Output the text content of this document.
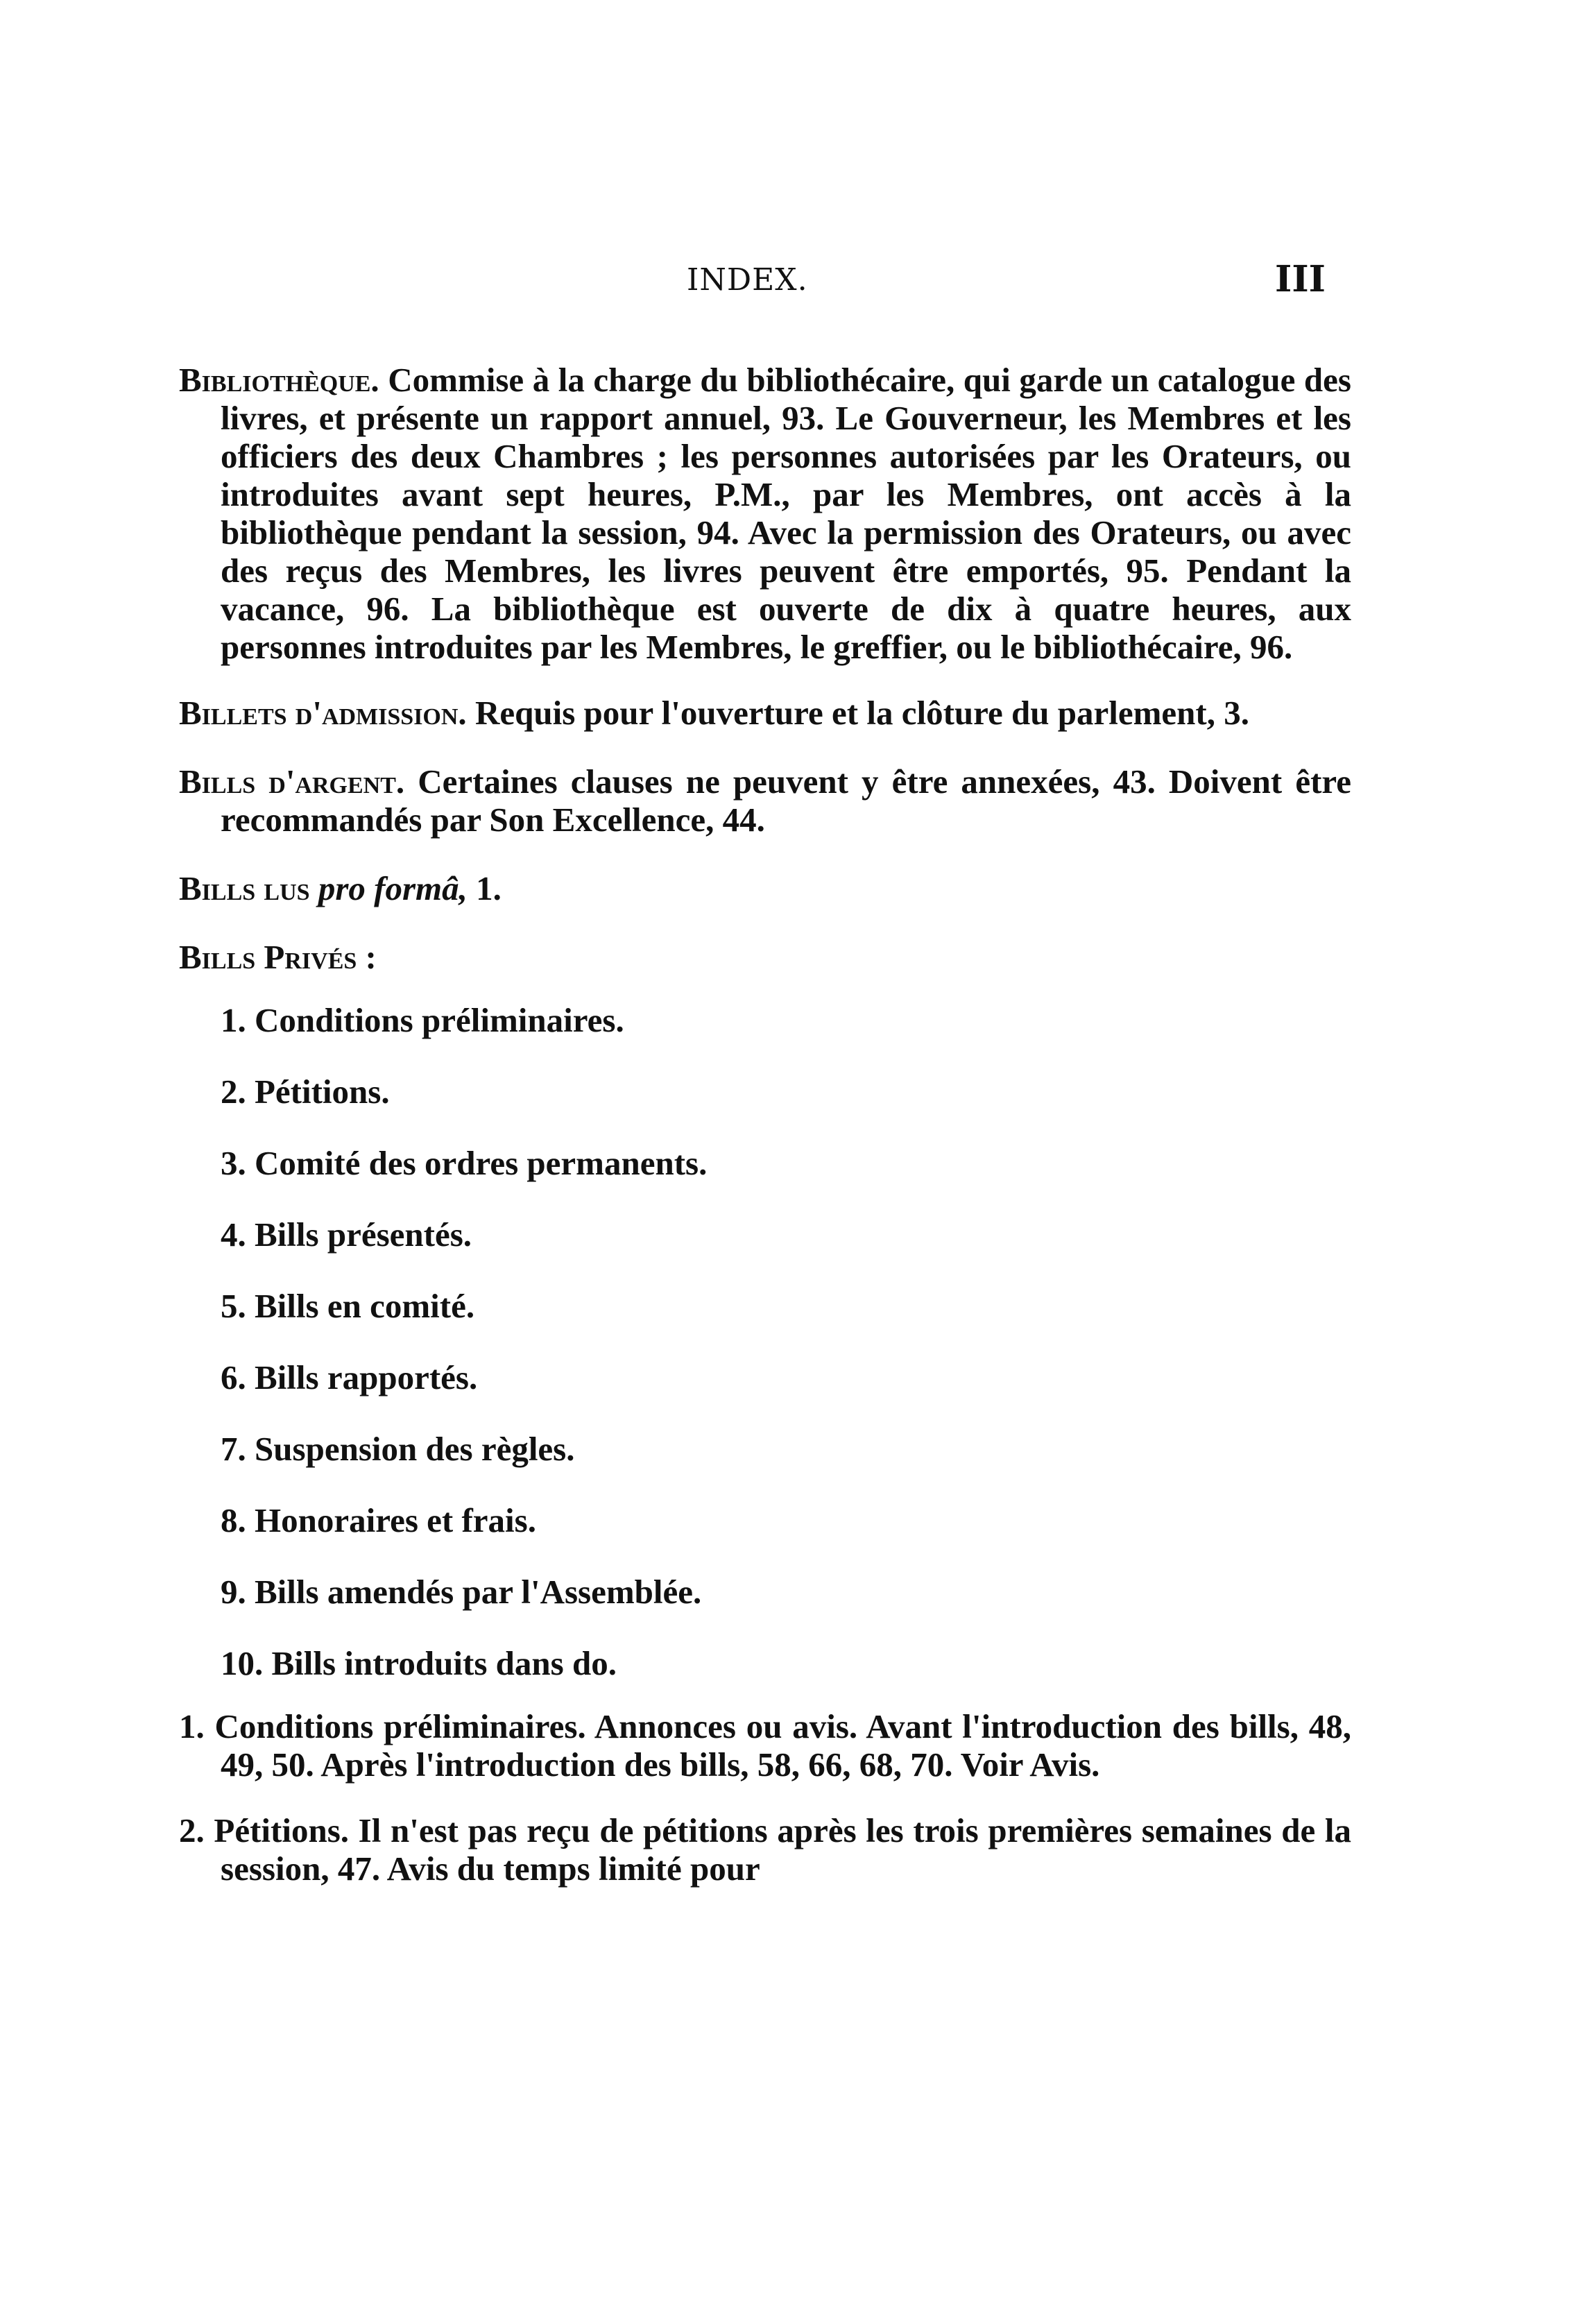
INDEX.	III

Bibliothèque. Commise à la charge du bibliothécaire, qui garde un catalogue des livres, et présente un rapport annuel, 93. Le Gouverneur, les Membres et les officiers des deux Chambres ; les personnes autorisées par les Orateurs, ou introduites avant sept heures, P.M., par les Membres, ont accès à la bibliothèque pendant la session, 94. Avec la permission des Orateurs, ou avec des reçus des Membres, les livres peuvent être emportés, 95. Pendant la vacance, 96. La bibliothèque est ouverte de dix à quatre heures, aux personnes introduites par les Membres, le greffier, ou le bibliothécaire, 96.

Billets d'admission. Requis pour l'ouverture et la clôture du parlement, 3.

Bills d'argent. Certaines clauses ne peuvent y être annexées, 43. Doivent être recommandés par Son Excellence, 44.

Bills lus pro formâ, 1.

Bills Privés :

1. Conditions préliminaires.
2. Pétitions.
3. Comité des ordres permanents.
4. Bills présentés.
5. Bills en comité.
6. Bills rapportés.
7. Suspension des règles.
8. Honoraires et frais.
9. Bills amendés par l'Assemblée.
10. Bills introduits dans do.

1. Conditions préliminaires. Annonces ou avis. Avant l'introduction des bills, 48, 49, 50. Après l'introduction des bills, 58, 66, 68, 70. Voir Avis.

2. Pétitions. Il n'est pas reçu de pétitions après les trois premières semaines de la session, 47. Avis du temps limité pour
